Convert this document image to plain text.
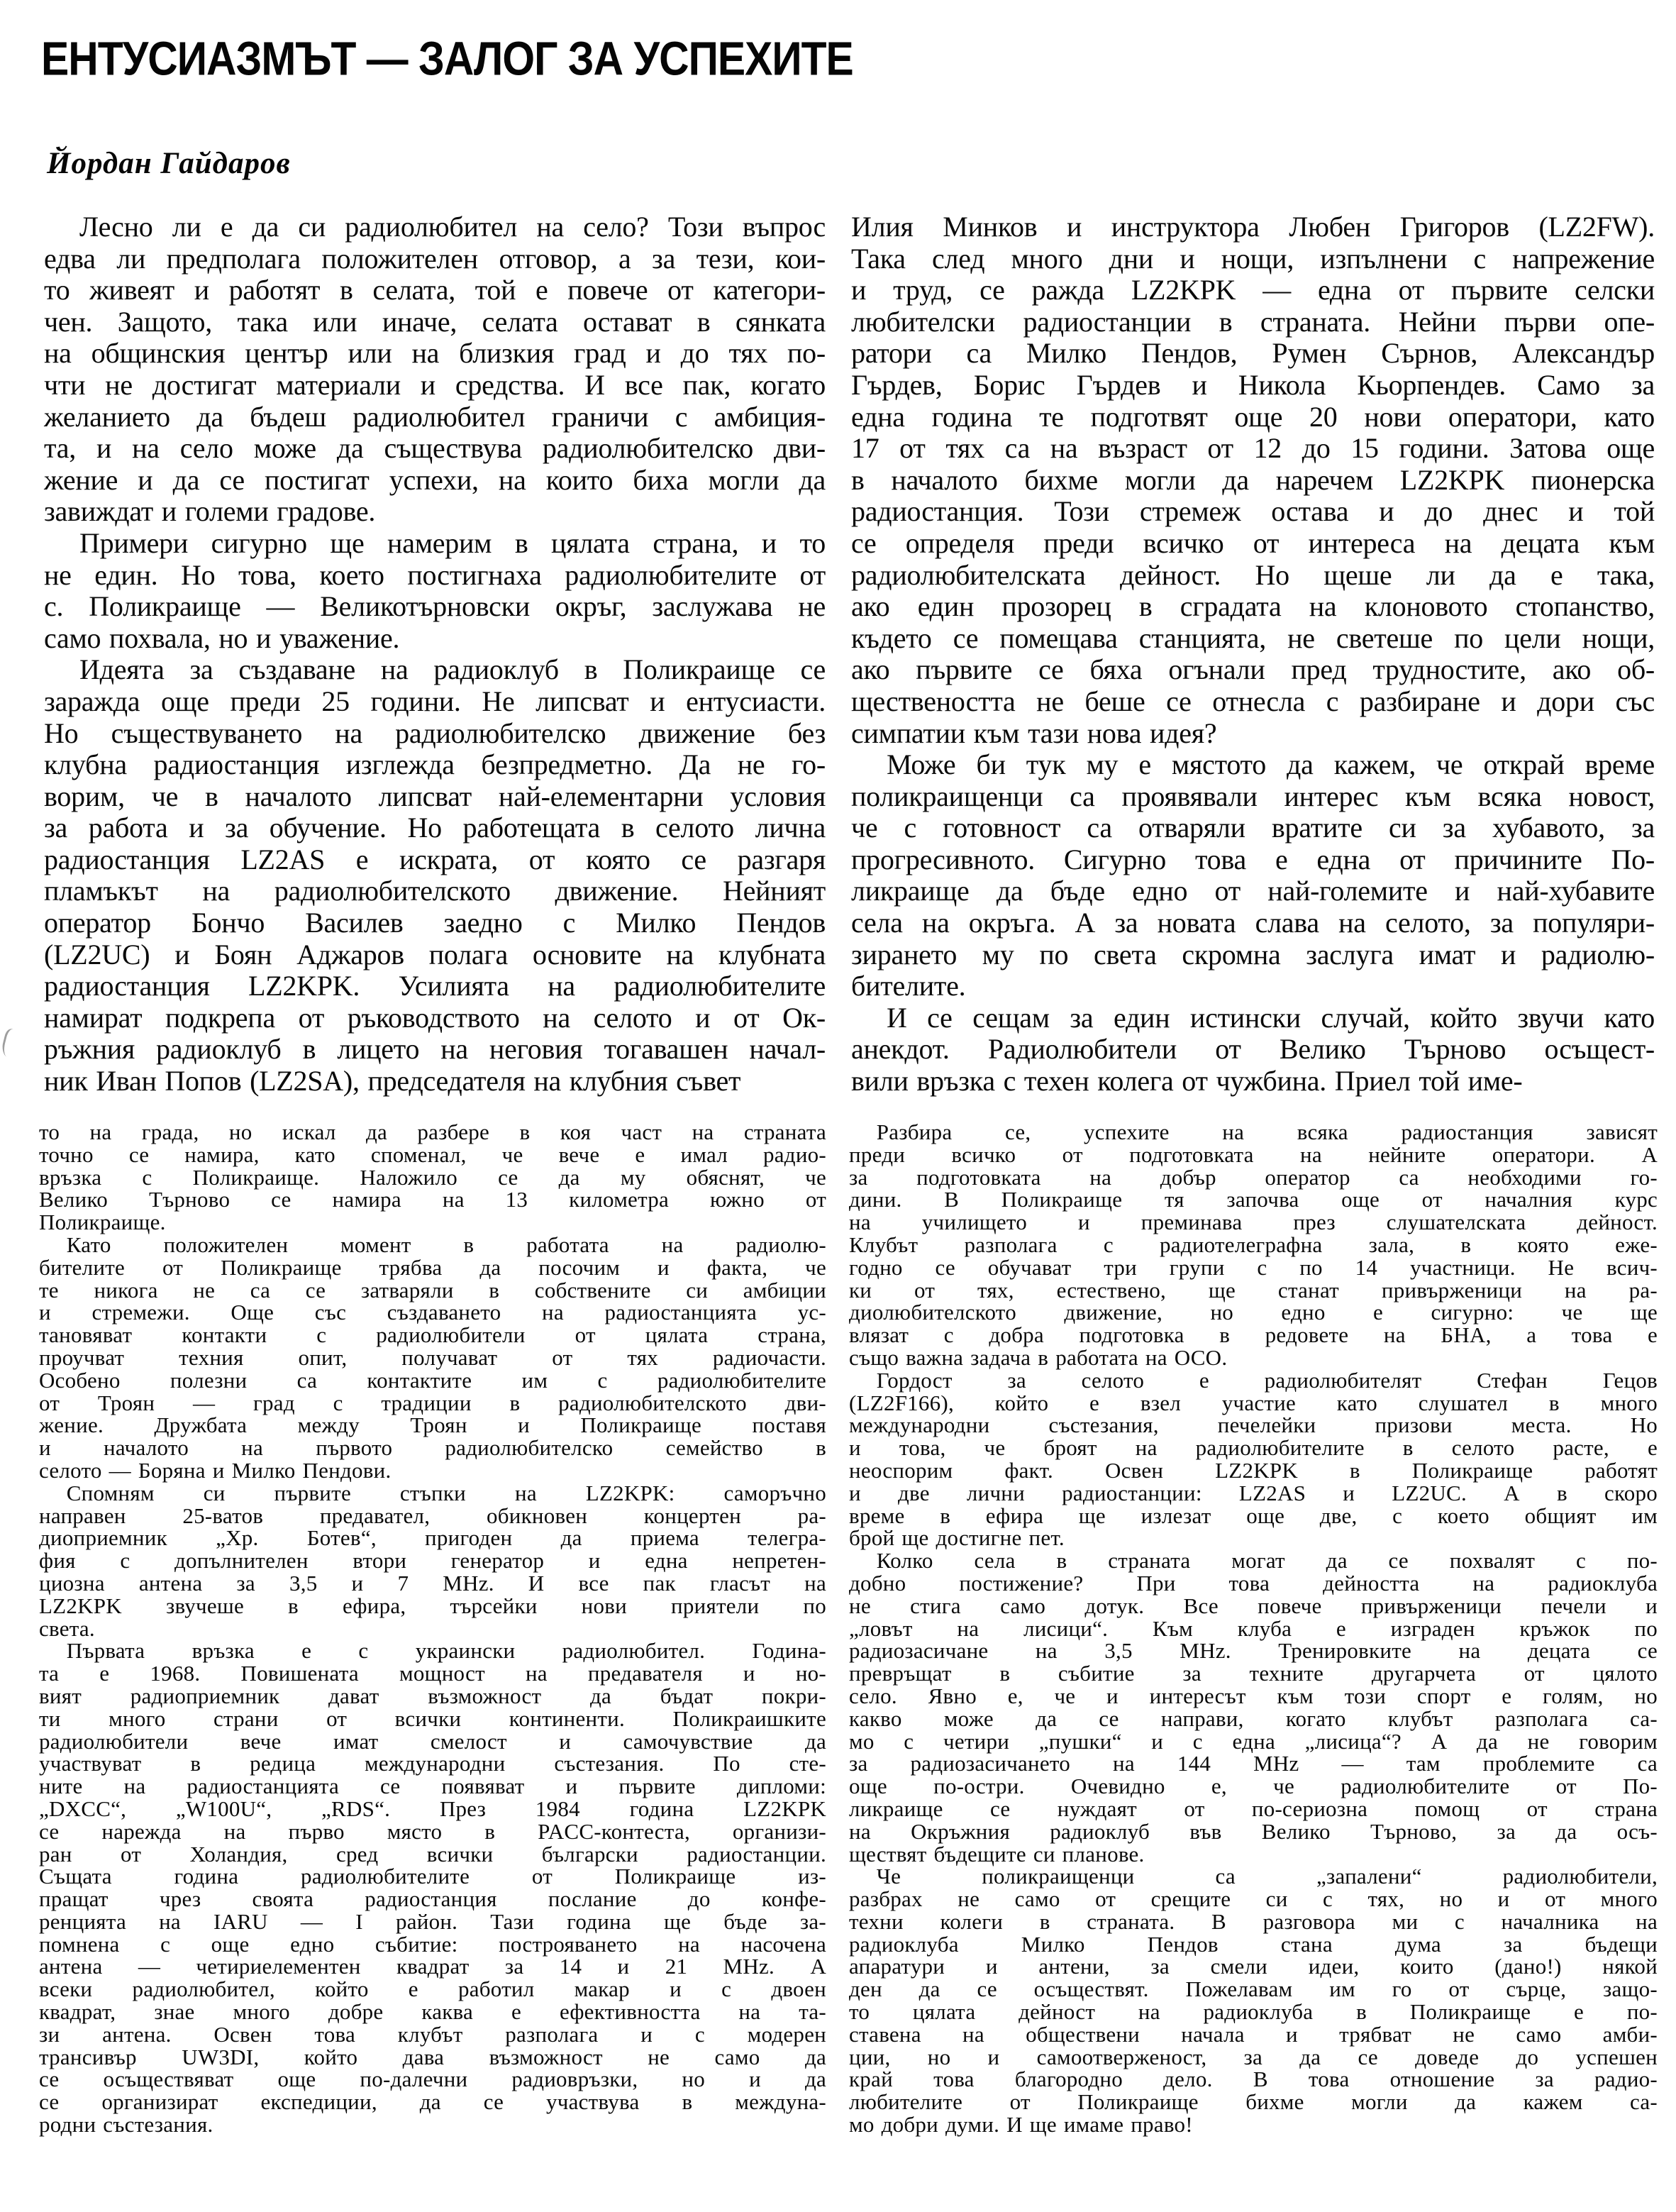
ЕНТУСИАЗМЪТ — ЗАЛОГ ЗА УСПЕХИТЕ
Йордан Гайдаров
Лесно ли е да си радиолюбител на село? Този въпрос
едва ли предполага положителен отговор, а за тези, кои-
то живеят и работят в селата, той е повече от категори-
чен. Защото, така или иначе, селата остават в сянката
на общинския център или на близкия град и до тях по-
чти не достигат материали и средства. И все пак, когато
желанието да бъдеш радиолюбител граничи с амбиция-
та, и на село може да съществува радиолюбителско дви-
жение и да се постигат успехи, на които биха могли да
завиждат и големи градове.
Примери сигурно ще намерим в цялата страна, и то
не един. Но това, което постигнаха радиолюбителите от
с. Поликраище — Великотърновски окръг, заслужава не
само похвала, но и уважение.
Идеята за създаване на радиоклуб в Поликраище се
заражда още преди 25 години. Не липсват и ентусиасти.
Но съществуването на радиолюбителско движение без
клубна радиостанция изглежда безпредметно. Да не го-
ворим, че в началото липсват най-елементарни условия
за работа и за обучение. Но работещата в селото лична
радиостанция LZ2AS е искрата, от която се разгаря
пламъкът на радиолюбителското движение. Нейният
оператор Бончо Василев заедно с Милко Пендов
(LZ2UC) и Боян Аджаров полага основите на клубната
радиостанция LZ2KPK. Усилията на радиолюбителите
намират подкрепа от ръководството на селото и от Ок-
ръжния радиоклуб в лицето на неговия тогавашен начал-
ник Иван Попов (LZ2SA), председателя на клубния съвет
Илия Минков и инструктора Любен Григоров (LZ2FW).
Така след много дни и нощи, изпълнени с напрежение
и труд, се ражда LZ2KPK — една от първите селски
любителски радиостанции в страната. Нейни първи опе-
ратори са Милко Пендов, Румен Сърнов, Александър
Гърдев, Борис Гърдев и Никола Кьорпендев. Само за
една година те подготвят още 20 нови оператори, като
17 от тях са на възраст от 12 до 15 години. Затова още
в началото бихме могли да наречем LZ2KPK пионерска
радиостанция. Този стремеж остава и до днес и той
се определя преди всичко от интереса на децата към
радиолюбителската дейност. Но щеше ли да е така,
ако един прозорец в сградата на клоновото стопанство,
където се помещава станцията, не светеше по цели нощи,
ако първите се бяха огънали пред трудностите, ако об-
ществеността не беше се отнесла с разбиране и дори със
симпатии към тази нова идея?
Може би тук му е мястото да кажем, че открай време
поликраищенци са проявявали интерес към всяка новост,
че с готовност са отваряли вратите си за хубавото, за
прогресивното. Сигурно това е една от причините По-
ликраище да бъде едно от най-големите и най-хубавите
села на окръга. А за новата слава на селото, за популяри-
зирането му по света скромна заслуга имат и радиолю-
бителите.
И се сещам за един истински случай, който звучи като
анекдот. Радиолюбители от Велико Търново осъщест-
вили връзка с техен колега от чужбина. Приел той име-
то на града, но искал да разбере в коя част на страната
точно се намира, като споменал, че вече е имал радио-
връзка с Поликраище. Наложило се да му обяснят, че
Велико Търново се намира на 13 километра южно от
Поликраище.
Като положителен момент в работата на радиолю-
бителите от Поликраище трябва да посочим и факта, че
те никога не са се затваряли в собствените си амбиции
и стремежи. Още със създаването на радиостанцията ус-
тановяват контакти с радиолюбители от цялата страна,
проучват техния опит, получават от тях радиочасти.
Особено полезни са контактите им с радиолюбителите
от Троян — град с традиции в радиолюбителското дви-
жение. Дружбата между Троян и Поликраище поставя
и началото на първото радиолюбителско семейство в
селото — Боряна и Милко Пендови.
Спомням си първите стъпки на LZ2KPK: саморъчно
направен 25-ватов предавател, обикновен концертен ра-
диоприемник „Хр. Ботев“, пригоден да приема телегра-
фия с допълнителен втори генератор и една непретен-
циозна антена за 3,5 и 7 MHz. И все пак гласът на
LZ2KPK звучеше в ефира, търсейки нови приятели по
света.
Първата връзка е с украински радиолюбител. Година-
та е 1968. Повишената мощност на предавателя и но-
вият радиоприемник дават възможност да бъдат покри-
ти много страни от всички континенти. Поликраишките
радиолюбители вече имат смелост и самочувствие да
участвуват в редица международни състезания. По сте-
ните на радиостанцията се появяват и първите дипломи:
„DXCC“, „W100U“, „RDS“. През 1984 година LZ2KPK
се нарежда на първо място в PACC-контеста, организи-
ран от Холандия, сред всички български радиостанции.
Същата година радиолюбителите от Поликраище из-
пращат чрез своята радиостанция послание до конфе-
ренцията на IARU — I район. Тази година ще бъде за-
помнена с още едно събитие: построяването на насочена
антена — четириелементен квадрат за 14 и 21 MHz. А
всеки радиолюбител, който е работил макар и с двоен
квадрат, знае много добре каква е ефективността на та-
зи антена. Освен това клубът разполага и с модерен
трансивър UW3DI, който дава възможност не само да
се осъществяват още по-далечни радиовръзки, но и да
се организират експедиции, да се участвува в междуна-
родни състезания.
Разбира се, успехите на всяка радиостанция зависят
преди всичко от подготовката на нейните оператори. А
за подготовката на добър оператор са необходими го-
дини. В Поликраище тя започва още от началния курс
на училището и преминава през слушателската дейност.
Клубът разполага с радиотелеграфна зала, в която еже-
годно се обучават три групи с по 14 участници. Не всич-
ки от тях, естествено, ще станат привърженици на ра-
диолюбителското движение, но едно е сигурно: че ще
влязат с добра подготовка в редовете на БНА, а това е
също важна задача в работата на ОСО.
Гордост за селото е радиолюбителят Стефан Гецов
(LZ2F166), който е взел участие като слушател в много
международни състезания, печелейки призови места. Но
и това, че броят на радиолюбителите в селото расте, е
неоспорим факт. Освен LZ2KPK в Поликраище работят
и две лични радиостанции: LZ2AS и LZ2UC. А в скоро
време в ефира ще излезат още две, с което общият им
брой ще достигне пет.
Колко села в страната могат да се похвалят с по-
добно постижение? При това дейността на радиоклуба
не стига само дотук. Все повече привърженици печели и
„ловът на лисици“. Към клуба е изграден кръжок по
радиозасичане на 3,5 MHz. Тренировките на децата се
превръщат в събитие за техните другарчета от цялото
село. Явно е, че и интересът към този спорт е голям, но
какво може да се направи, когато клубът разполага са-
мо с четири „пушки“ и с една „лисица“? А да не говорим
за радиозасичането на 144 MHz — там проблемите са
още по-остри. Очевидно е, че радиолюбителите от По-
ликраище се нуждаят от по-сериозна помощ от страна
на Окръжния радиоклуб във Велико Търново, за да осъ-
ществят бъдещите си планове.
Че поликраищенци са „запалени“ радиолюбители,
разбрах не само от срещите си с тях, но и от много
техни колеги в страната. В разговора ми с началника на
радиоклуба Милко Пендов стана дума за бъдещи
апаратури и антени, за смели идеи, които (дано!) някой
ден да се осъществят. Пожелавам им го от сърце, защо-
то цялата дейност на радиоклуба в Поликраище е по-
ставена на обществени начала и трябват не само амби-
ции, но и самоотверженост, за да се доведе до успешен
край това благородно дело. В това отношение за радио-
любителите от Поликраище бихме могли да кажем са-
мо добри думи. И ще имаме право!
